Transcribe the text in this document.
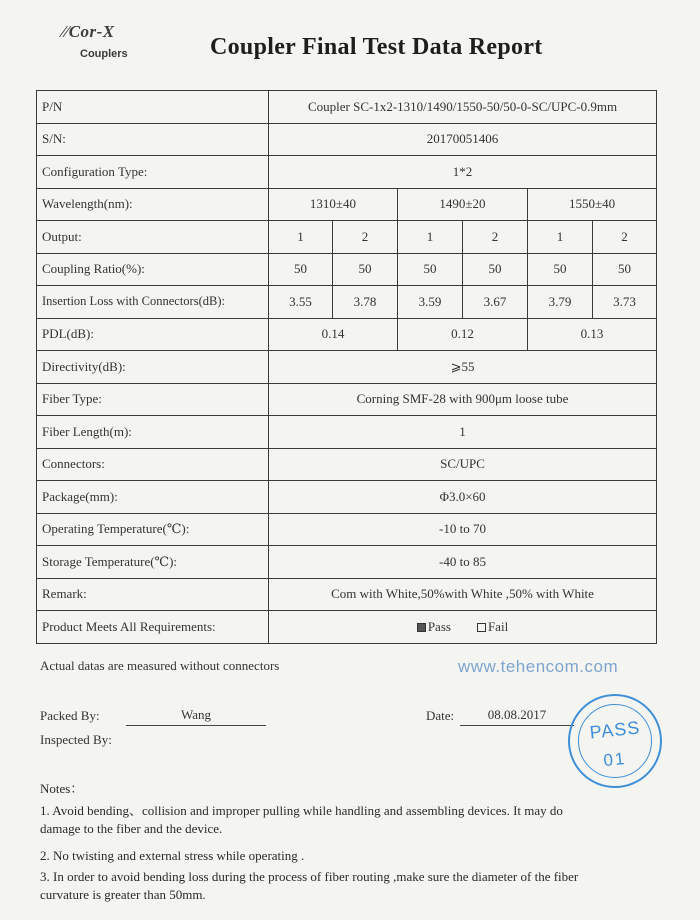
⁄⁄Cor-X
Couplers	Coupler Final Test Data Report
P/N	Coupler SC-1x2-1310/1490/1550-50/50-0-SC/UPC-0.9mm					
S/N:	20170051406					
Configuration Type:	1*2					
Wavelength(nm):	1310±40		1490±20		1550±40	
Output:	1	2	1	2	1	2
Coupling Ratio(%):	50	50	50	50	50	50
Insertion Loss with Connectors(dB):	3.55	3.78	3.59	3.67	3.79	3.73
PDL(dB):	0.14		0.12		0.13	
Directivity(dB):	⩾55					
Fiber Type:	Corning SMF-28 with 900μm loose tube					
Fiber Length(m):	1					
Connectors:	SC/UPC					
Package(mm):	Φ3.0×60					
Operating Temperature(℃):	-10 to 70					
Storage Temperature(℃):	-40 to 85					
Remark:	Com with White,50%with White ,50% with White					
Product Meets All Requirements:	Pass Fail					
Actual datas are measured without connectors	www.tehencom.com
Packed By:	Wang
Inspected By:
Date:	08.08.2017
PASS
01
Notes：
1. Avoid bending、collision and improper pulling while handling and assembling devices. It may do damage to the fiber and the device.
2. No twisting and external stress while operating .
3. In order to avoid bending loss during the process of fiber routing ,make sure the diameter of the fiber curvature is greater than 50mm.
